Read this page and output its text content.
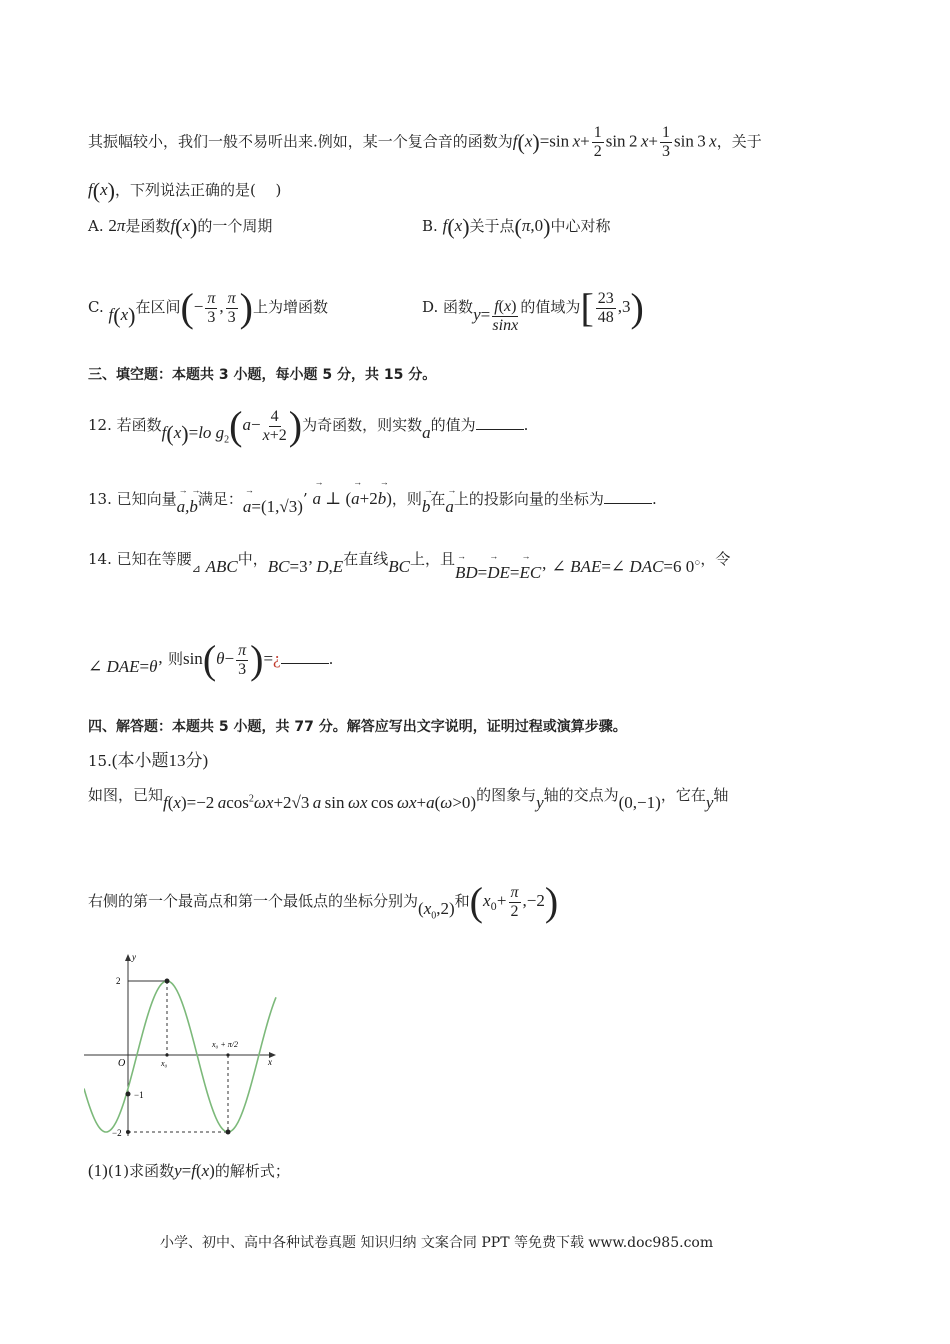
其振幅较小，我们一般不易听出来.例如，某一个复合音的函数为f(x)=sin $x+ \frac{1}{2}$ sin 2 $x+ \frac{1}{3}$ sin 3 x，关于
f(x)，下列说法正确的是(　 )
A. 2π是函数f(x)的一个周期	B. f(x)关于点(π,0)中心对称
C. f(x)在区间(− $\frac{\pi}{3}$ , $\frac{\pi}{3}$ )上为增函数	D. 函数$y= \frac{f(x)}{\sin x}$ 的值域为[ $\frac{23}{48} ,3$)
三、填空题：本题共 3 小题，每小题 5 分，共 15 分。
12. 若函数f(x)=lo $g_2(a- \frac{4}{x+2}$ )为奇函数，则实数a的值为	.
13. 已知向量→ a,→ b满足：→ a=(1,√3)’ → a ⊥ (→ a+2→ b)，则→ b在→ a上的投影向量的坐标为	.
14. 已知在等腰⊿ ABC中，BC=3’ D,E在直线BC上，且→ BD=→ DE=→ EC’ ∠ BAE=∠ DAC=6 0○，令
∠ DAE=θ’ 则$\sin(\theta- \frac{\pi}{3}$ )=¿	.
四、解答题：本题共 5 小题，共 77 分。解答应写出文字说明，证明过程或演算步骤。
15.(本小题13分)
如图，已知f(x)=−2 acos$^2$ωx+2√3 a sin ωx cos ωx+a(ω>0)的图象与y轴的交点为(0,−1)，它在y轴
右侧的第一个最高点和第一个最低点的坐标分别为$(x_0,2)$和$(x_0+ \frac{\pi}{2} ,-2)$
y
x
O
2
−1
−2
x₀
x₀ + π/2
(1)(1)求函数y=f(x)的解析式；
小学、初中、高中各种试卷真题 知识归纳 文案合同 PPT 等免费下载 www.doc985.com
